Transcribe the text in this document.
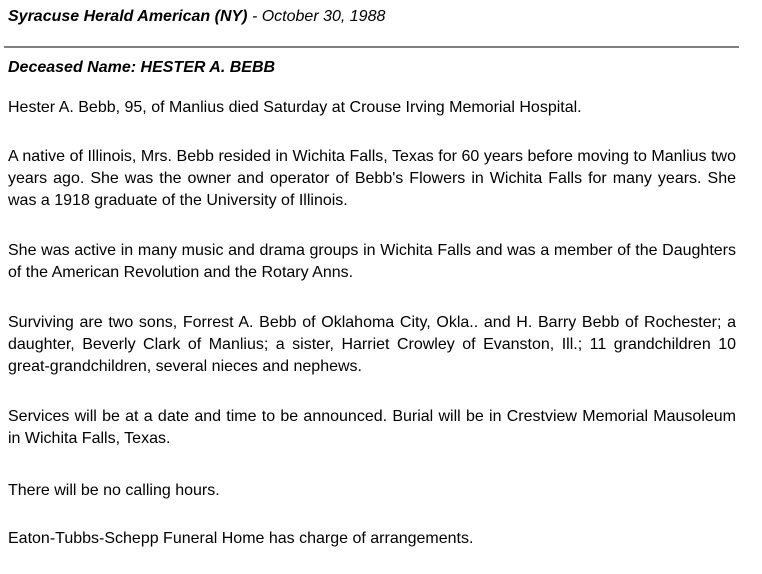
Syracuse Herald American (NY) - October 30, 1988
Deceased Name: HESTER A. BEBB

Hester A. Bebb, 95, of Manlius died Saturday at Crouse Irving Memorial Hospital.

A native of Illinois, Mrs. Bebb resided in Wichita Falls, Texas for 60 years before moving to Manlius two years ago. She was the owner and operator of Bebb's Flowers in Wichita Falls for many years. She was a 1918 graduate of the University of Illinois.

She was active in many music and drama groups in Wichita Falls and was a member of the Daughters of the American Revolution and the Rotary Anns.

Surviving are two sons, Forrest A. Bebb of Oklahoma City, Okla.. and H. Barry Bebb of Rochester; a daughter, Beverly Clark of Manlius; a sister, Harriet Crowley of Evanston, Ill.; 11 grandchildren 10 great-grandchildren, several nieces and nephews.

Services will be at a date and time to be announced. Burial will be in Crestview Memorial Mausoleum in Wichita Falls, Texas.

There will be no calling hours.

Eaton-Tubbs-Schepp Funeral Home has charge of arrangements.
